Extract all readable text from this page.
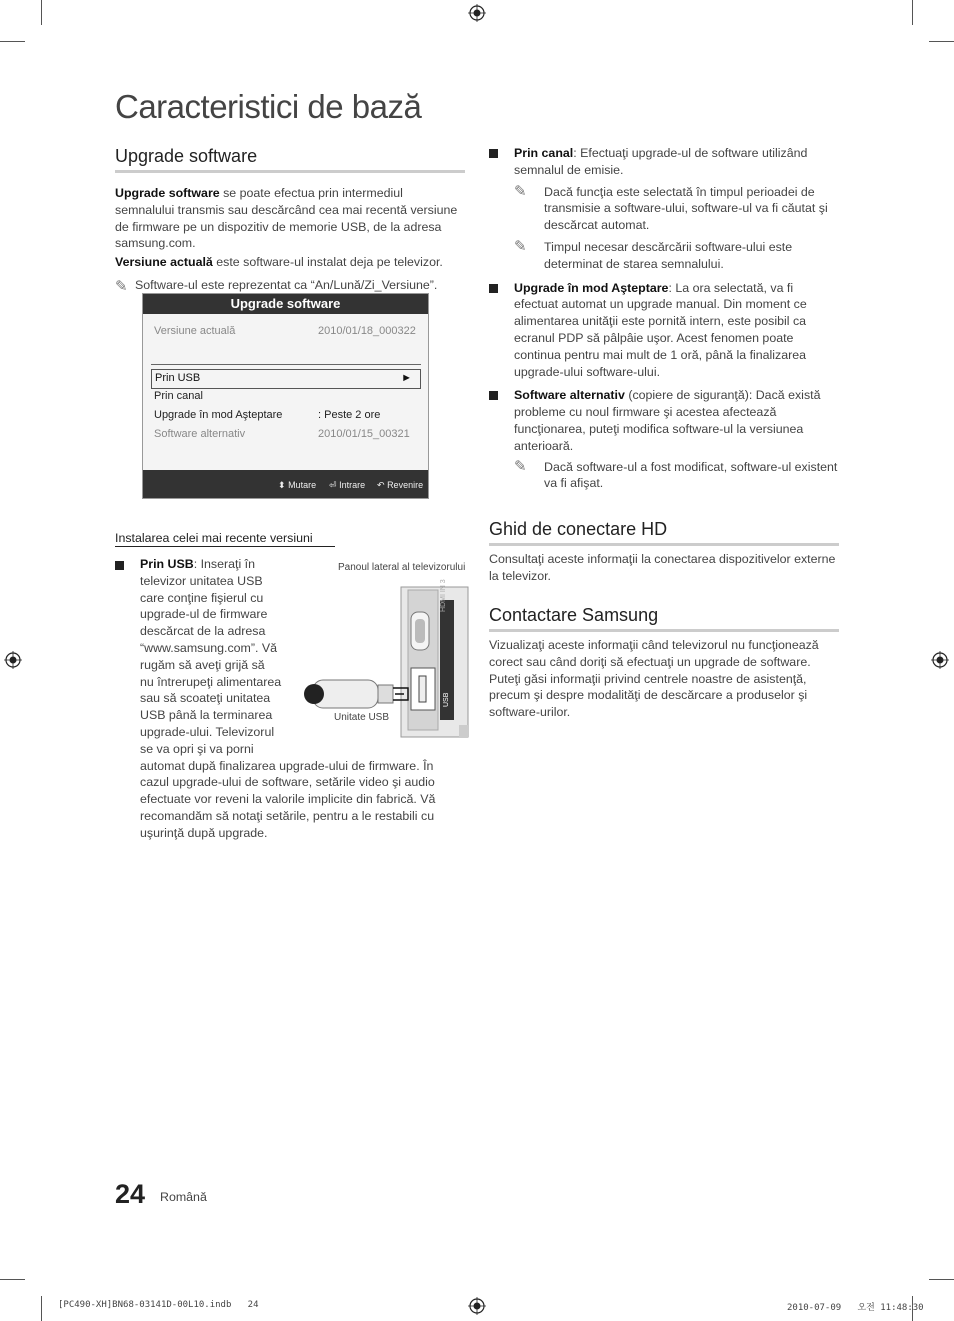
Caracteristici de bază
Upgrade software

Upgrade software se poate efectua prin intermediul semnalului transmis sau descărcând cea mai recentă versiune de firmware pe un dispozitiv de memorie USB, de la adresa samsung.com.

Versiune actuală este software-ul instalat deja pe televizor.

✎ Software-ul este reprezentat ca “An/Lună/Zi_Versiune”.

Upgrade software
Versiune actuală	2010/01/18_000322
Prin USB	►
Prin canal
Upgrade în mod Aşteptare	: Peste 2 ore
Software alternativ	2010/01/15_00321
⬍ Mutare ⏎ Intrare ↶ Revenire
Instalarea celei mai recente versiuni
Prin USB: Inseraţi în
televizor unitatea USB
care conţine fişierul cu
upgrade-ul de firmware
descărcat de la adresa
“www.samsung.com”. Vă
rugăm să aveţi grijă să
nu întrerupeţi alimentarea
sau să scoateţi unitatea
USB până la terminarea
upgrade-ului. Televizorul
se va opri şi va porni
automat după finalizarea upgrade-ului de firmware. În cazul upgrade-ului de software, setările video şi audio efectuate vor reveni la valorile implicite din fabrică. Vă recomandăm să notaţi setările, pentru a le restabili cu uşurinţă după upgrade.
Panoul lateral al televizorului
HDMI IN 3
USB
Unitate USB

Prin canal: Efectuaţi upgrade-ul de software utilizând semnalul de emisie.

✎	Dacă funcţia este selectată în timpul perioadei de transmisie a software-ului, software-ul va fi căutat şi descărcat automat.

✎	Timpul necesar descărcării software-ului este determinat de starea semnalului.

Upgrade în mod Aşteptare: La ora selectată, va fi efectuat automat un upgrade manual. Din moment ce alimentarea unităţii este pornită intern, este posibil ca ecranul PDP să pâlpâie uşor. Acest fenomen poate continua pentru mai mult de 1 oră, până la finalizarea upgrade-ului software-ului.

Software alternativ (copiere de siguranţă): Dacă există probleme cu noul firmware şi acestea afectează funcţionarea, puteţi modifica software-ul la versiunea anterioară.

✎	Dacă software-ul a fost modificat, software-ul existent va fi afişat.

Ghid de conectare HD

Consultaţi aceste informaţii la conectarea dispozitivelor externe la televizor.

Contactare Samsung

Vizualizaţi aceste informaţii când televizorul nu funcţionează corect sau când doriţi să efectuaţi un upgrade de software. Puteţi găsi informaţii privind centrele noastre de asistenţă, precum şi despre modalităţi de descărcare a produselor şi software-urilor.

24 Română
[PC490-XH]BN68-03141D-00L10.indb   24	2010-07-09   오전 11:48:30
